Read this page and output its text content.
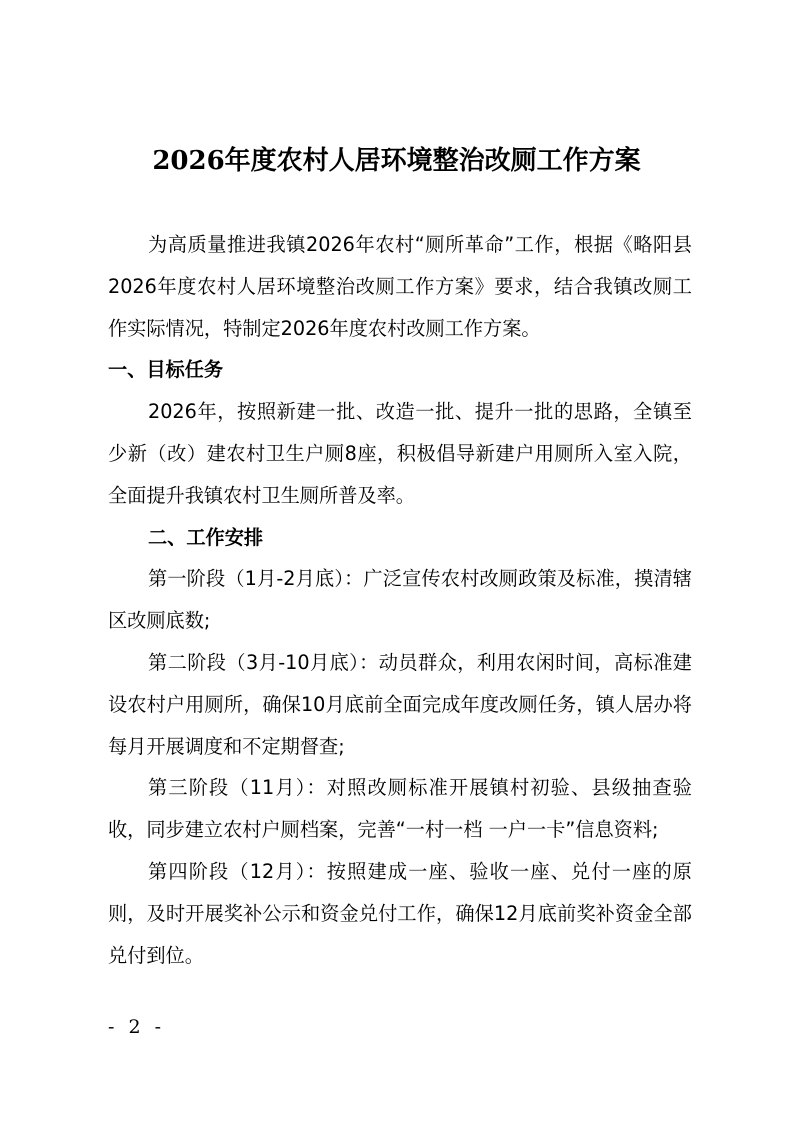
2026年度农村人居环境整治改厕工作方案

为高质量推进我镇2026年农村“厕所革命”工作，根据《略阳县2026年度农村人居环境整治改厕工作方案》要求，结合我镇改厕工作实际情况，特制定2026年度农村改厕工作方案。

一、目标任务

2026年，按照新建一批、改造一批、提升一批的思路，全镇至少新（改）建农村卫生户厕8座，积极倡导新建户用厕所入室入院，全面提升我镇农村卫生厕所普及率。

二、工作安排

第一阶段（1月-2月底）：广泛宣传农村改厕政策及标准，摸清辖区改厕底数;

第二阶段（3月-10月底）：动员群众，利用农闲时间，高标准建设农村户用厕所，确保10月底前全面完成年度改厕任务，镇人居办将每月开展调度和不定期督查;

第三阶段（11月）：对照改厕标准开展镇村初验、县级抽查验收，同步建立农村户厕档案，完善“一村一档 一户一卡”信息资料;

第四阶段（12月）：按照建成一座、验收一座、兑付一座的原则，及时开展奖补公示和资金兑付工作，确保12月底前奖补资金全部兑付到位。

- 2 -
